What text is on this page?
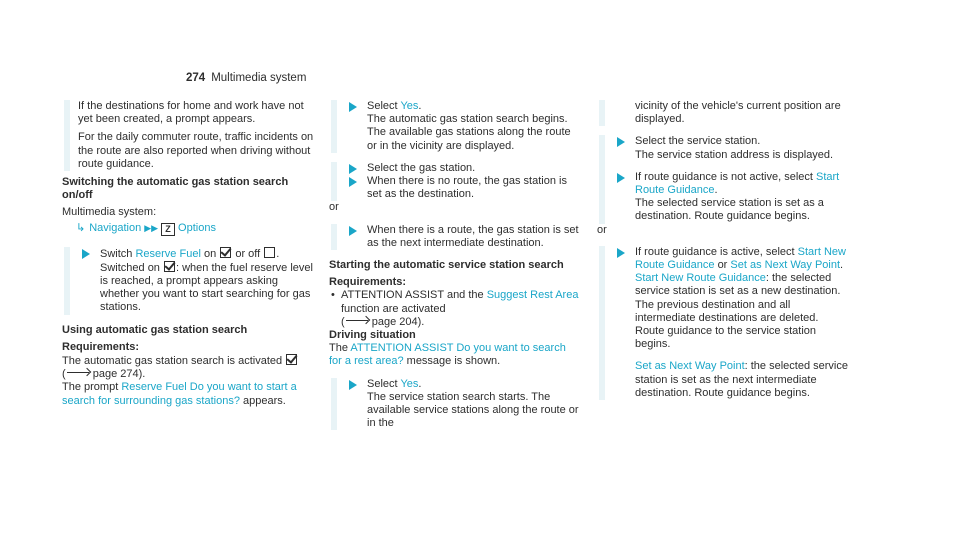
274 Multimedia system

If the destinations for home and work have not yet been created, a prompt appears.

For the daily commuter route, traffic incidents on the route are also reported when driving without route guidance.

Switching the automatic gas station search on/off
Multimedia system:
↳ Navigation ▶▶ Z Options
Switch Reserve Fuel on or off .
Switched on : when the fuel reserve level is reached, a prompt appears asking whether you want to start searching for gas stations.
Using automatic gas station search
Requirements:
The automatic gas station search is activated
( page 274).
The prompt Reserve Fuel Do you want to start a search for surrounding gas stations? appears.
Select Yes.
The automatic gas station search begins. The available gas stations along the route or in the vicinity are displayed.
Select the gas station.
When there is no route, the gas station is set as the destination.
or
When there is a route, the gas station is set as the next intermediate destination.
Starting the automatic service station search
Requirements:
• ATTENTION ASSIST and the Suggest Rest Area function are activated
( page 204).
Driving situation
The ATTENTION ASSIST Do you want to search for a rest area? message is shown.
Select Yes.
The service station search starts. The available service stations along the route or in the
vicinity of the vehicle's current position are displayed.
Select the service station.
The service station address is displayed.
If route guidance is not active, select Start Route Guidance.
The selected service station is set as a destination. Route guidance begins.
or
If route guidance is active, select Start New Route Guidance or Set as Next Way Point.
Start New Route Guidance: the selected service station is set as a new destination. The previous destination and all intermediate destinations are deleted. Route guidance to the service station begins.
Set as Next Way Point: the selected service station is set as the next intermediate destination. Route guidance begins.
